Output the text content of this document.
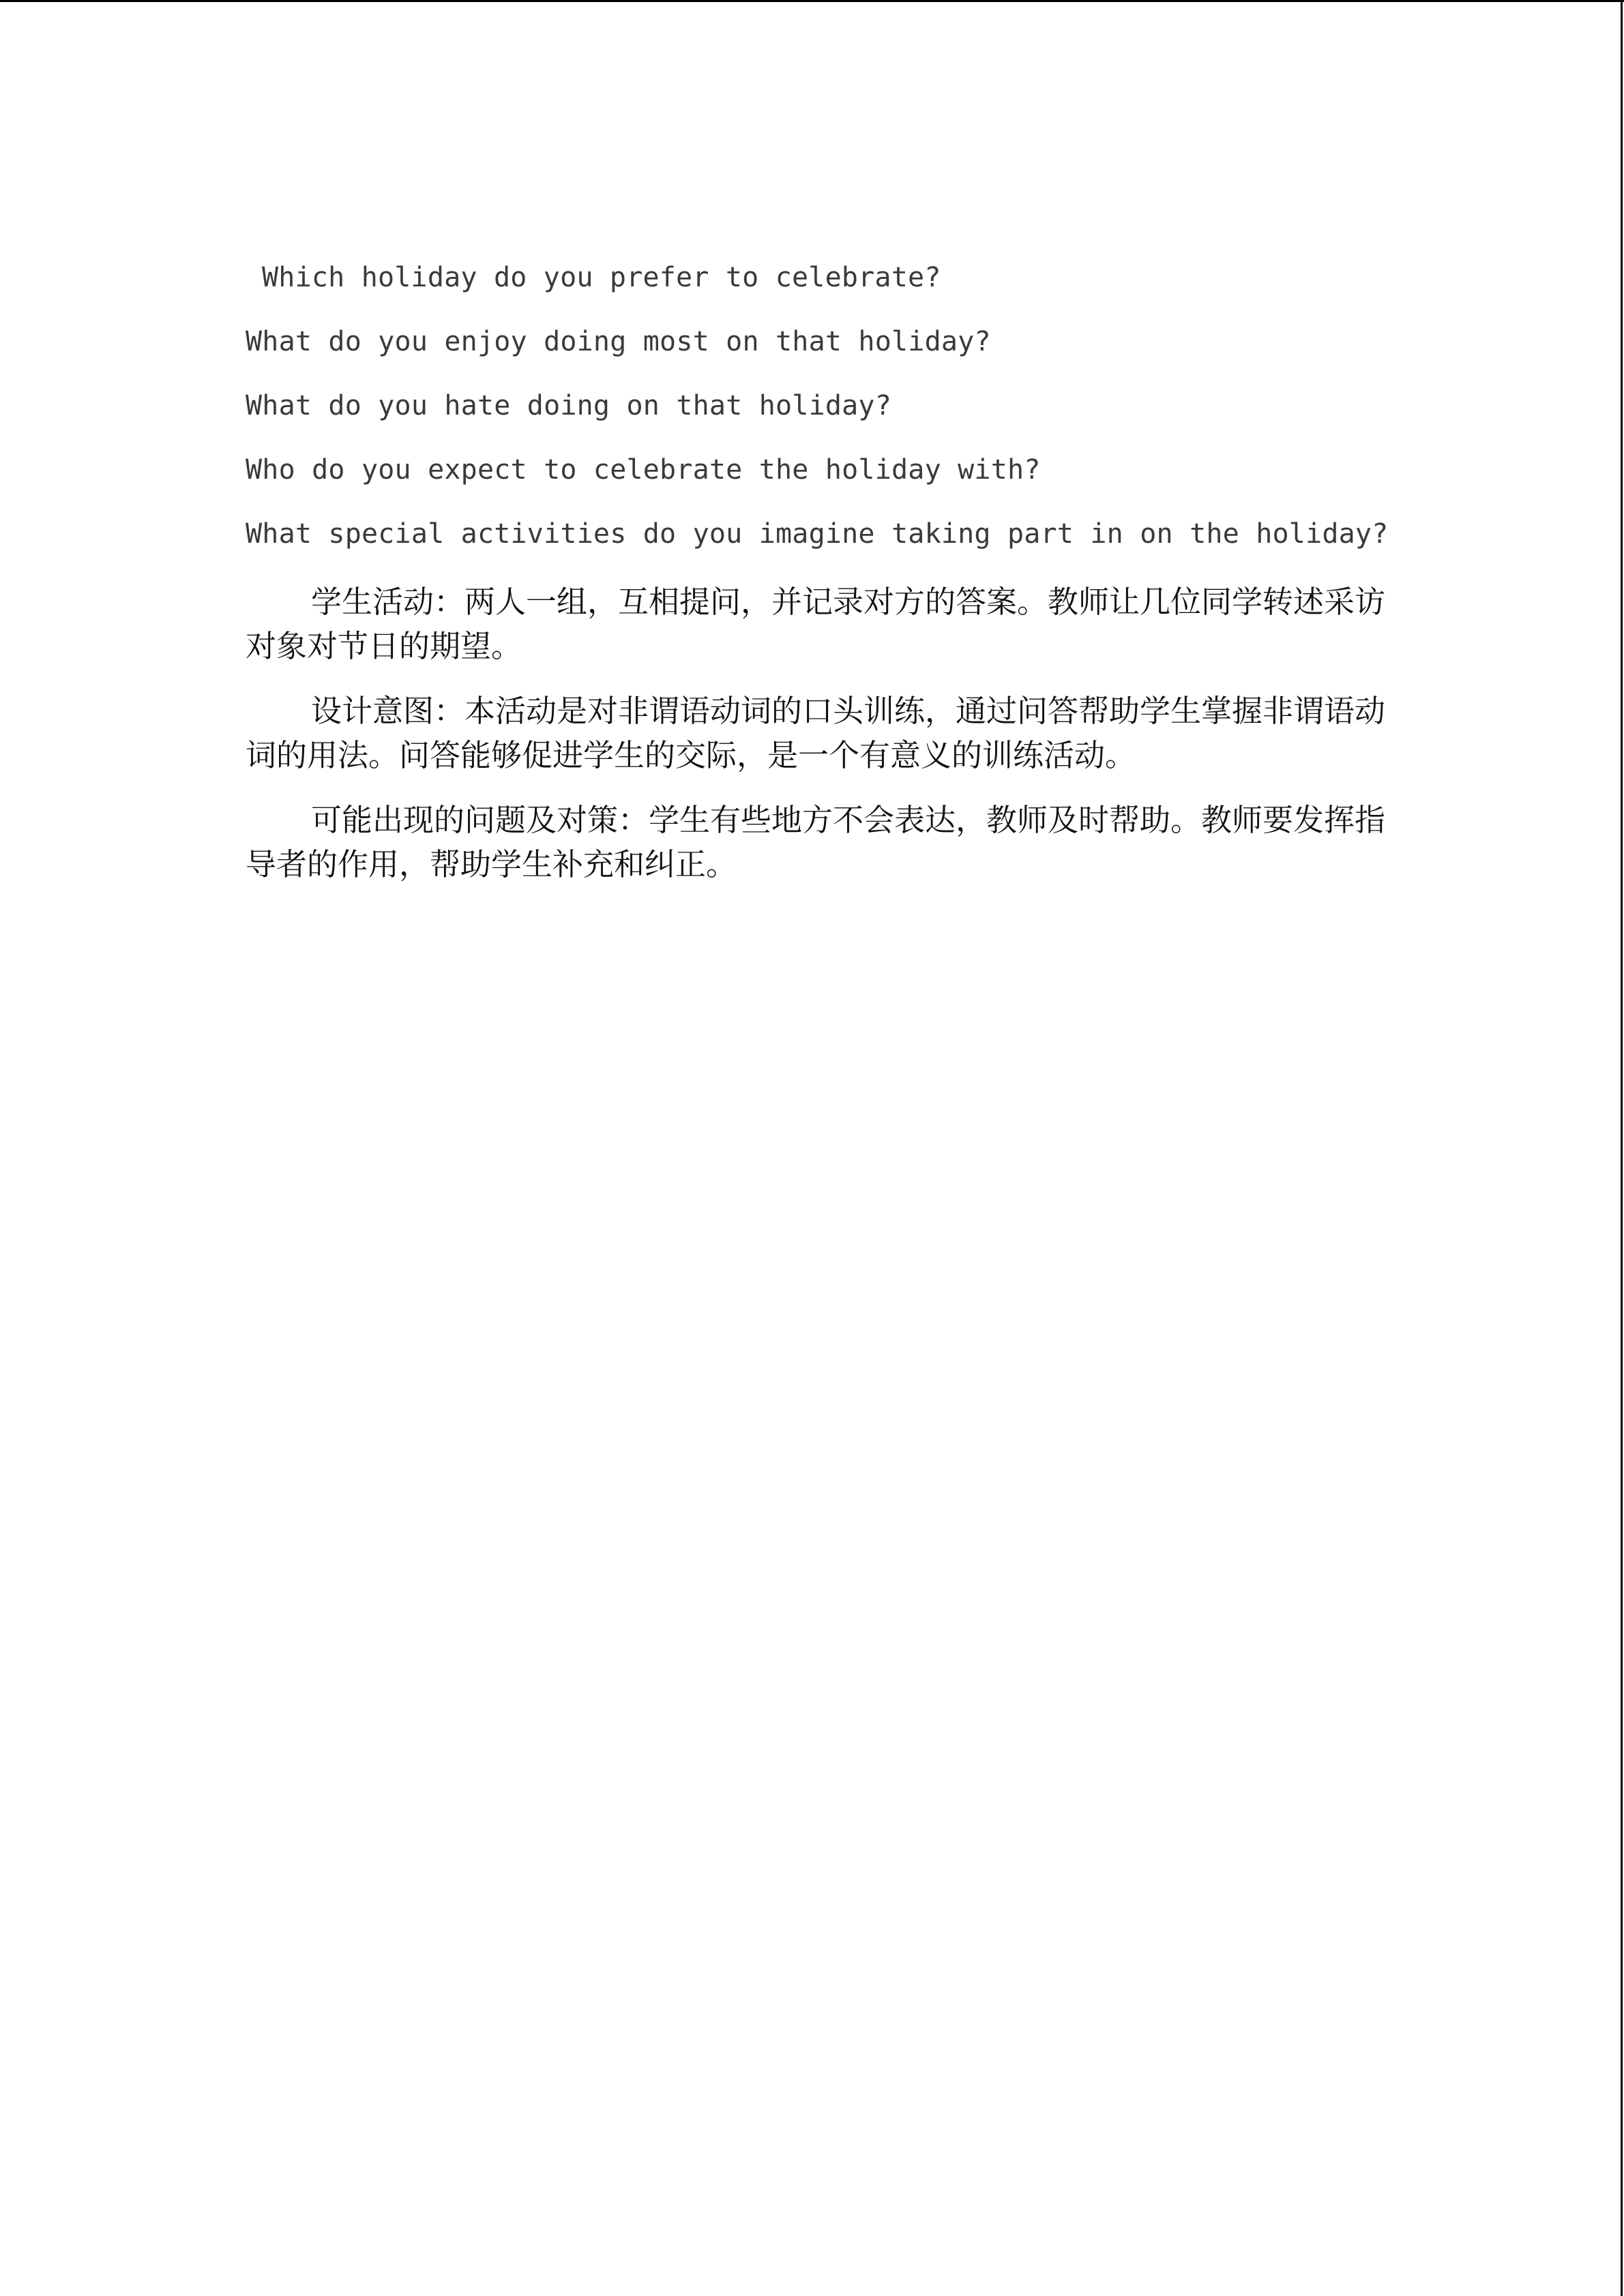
Which holiday do you prefer to celebrate?

What do you enjoy doing most on that holiday?

What do you hate doing on that holiday?

Who do you expect to celebrate the holiday with?

What special activities do you imagine taking part in on the holiday?

学生活动：两人一组，互相提问，并记录对方的答案。教师让几位同学转述采访对象对节日的期望。

设计意图：本活动是对非谓语动词的口头训练，通过问答帮助学生掌握非谓语动词的用法。问答能够促进学生的交际，是一个有意义的训练活动。

可能出现的问题及对策：学生有些地方不会表达，教师及时帮助。教师要发挥指导者的作用，帮助学生补充和纠正。
